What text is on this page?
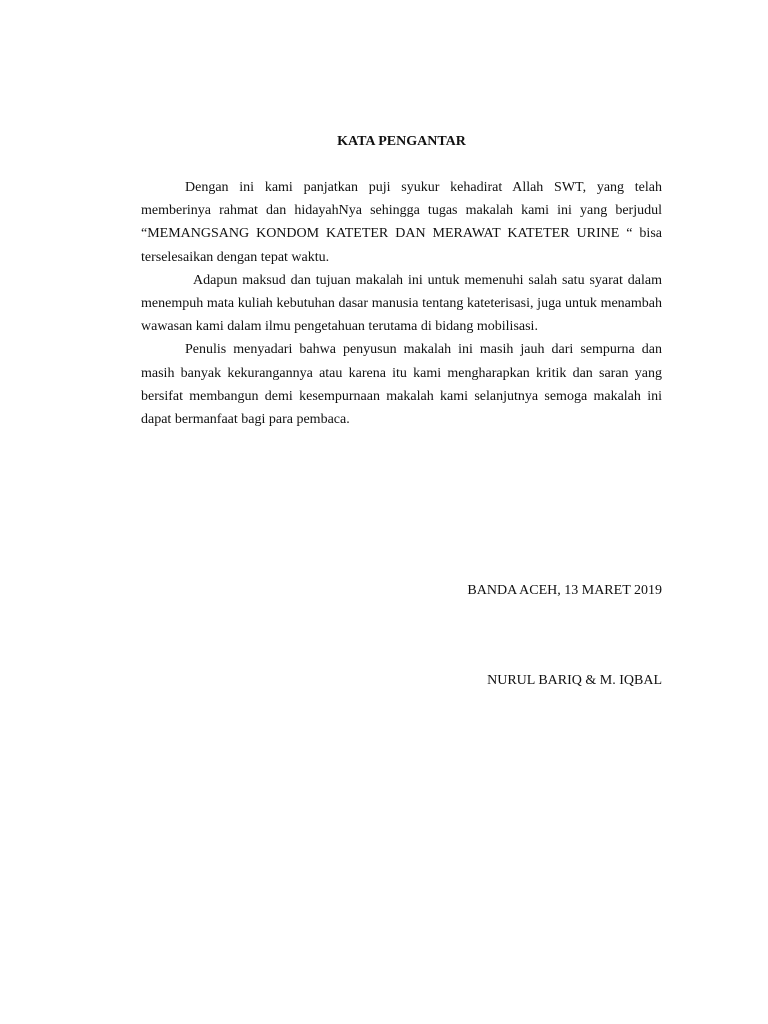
KATA PENGANTAR

Dengan ini kami panjatkan puji syukur kehadirat Allah SWT, yang telah memberinya rahmat dan hidayahNya sehingga tugas makalah kami ini yang berjudul “MEMANGSANG KONDOM KATETER DAN MERAWAT KATETER URINE “ bisa terselesaikan dengan tepat waktu.

Adapun maksud dan tujuan makalah ini untuk memenuhi salah satu syarat dalam menempuh mata kuliah kebutuhan dasar manusia tentang kateterisasi, juga untuk menambah wawasan kami dalam ilmu pengetahuan terutama di bidang mobilisasi.

Penulis menyadari bahwa penyusun makalah ini masih jauh dari sempurna dan masih banyak kekurangannya atau karena itu kami mengharapkan kritik dan saran yang bersifat membangun demi kesempurnaan makalah kami selanjutnya semoga makalah ini dapat bermanfaat bagi para pembaca.

BANDA ACEH, 13 MARET 2019
NURUL BARIQ & M. IQBAL
